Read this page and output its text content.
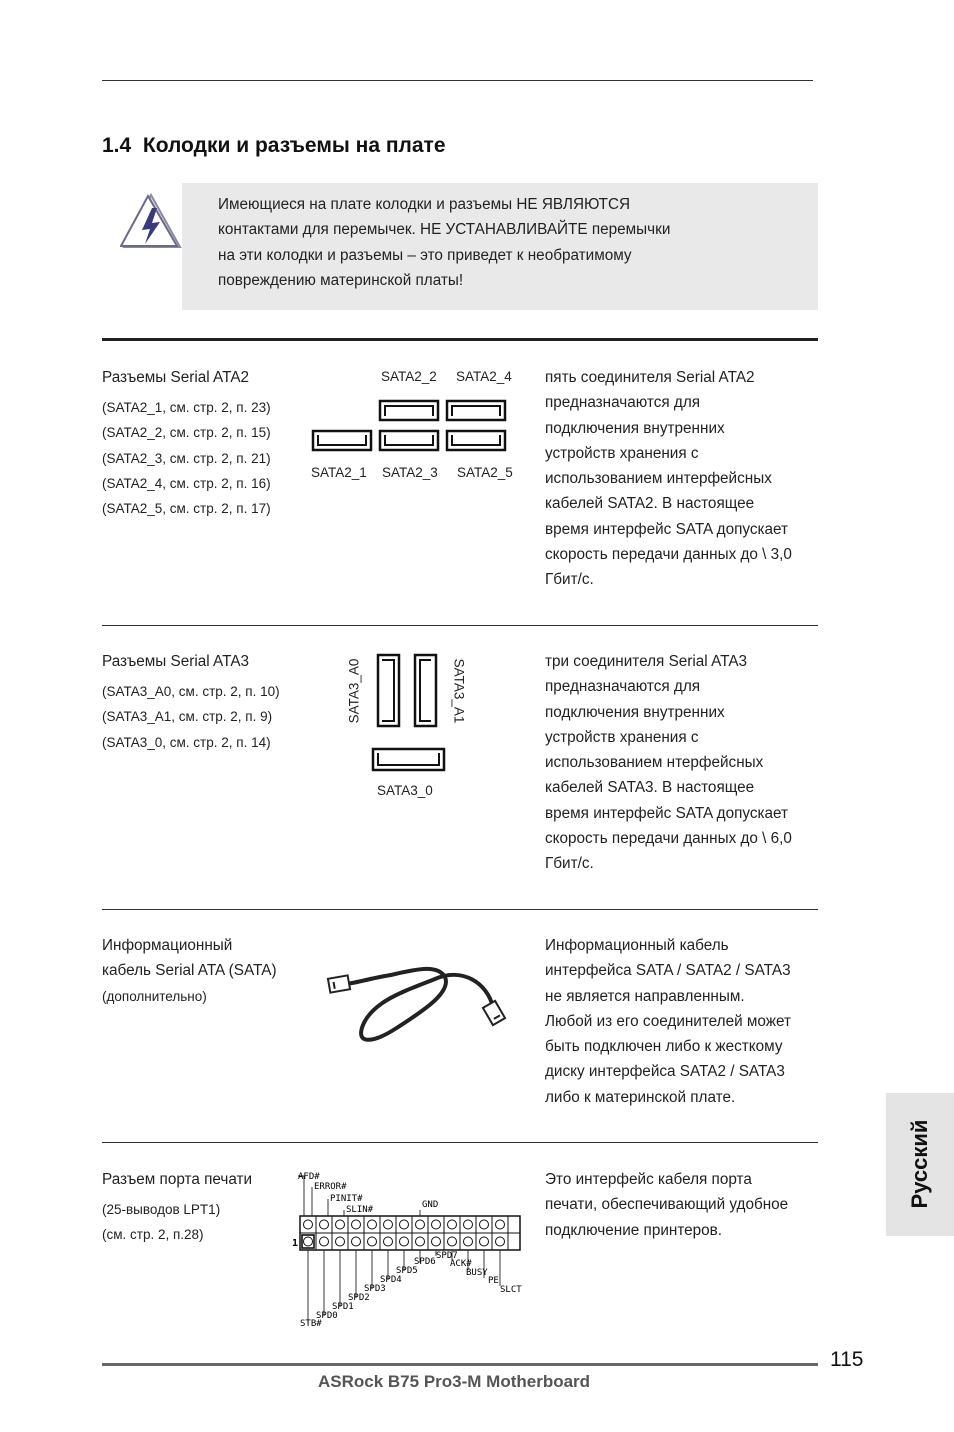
1.4 Колодки и разъемы на плате
Имеющиеся на плате колодки и разъемы НЕ ЯВЛЯЮТСЯ
контактами для перемычек. НЕ УСТАНАВЛИВАЙТЕ перемычки
на эти колодки и разъемы – это приведет к необратимому
повреждению материнской платы!
Разъемы Serial ATA2
(SATA2_1, см. стр. 2, п. 23)
(SATA2_2, см. стр. 2, п. 15)
(SATA2_3, см. стр. 2, п. 21)
(SATA2_4, см. стр. 2, п. 16)
(SATA2_5, см. стр. 2, п. 17)
SATA2_2 SATA2_4
SATA2_1 SATA2_3 SATA2_5
пять соединителя Serial ATA2
предназначаются для
подключения внутренних
устройств хранения с
использованием интерфейсных
кабелей SATA2. В настоящее
время интерфейс SATA допускает
скорость передачи данных до \ 3,0
Гбит/с.
Разъемы Serial ATA3
(SATA3_A0, см. стр. 2, п. 10)
(SATA3_A1, см. стр. 2, п. 9)
(SATA3_0, см. стр. 2, п. 14)
SATA3_A0	SATA3_A1
SATA3_0
три соединителя Serial ATA3
предназначаются для
подключения внутренних
устройств хранения с
использованием нтерфейсных
кабелей SATA3. В настоящее
время интерфейс SATA допускает
скорость передачи данных до \ 6,0
Гбит/с.
Информационный
кабель Serial ATA (SATA)
(дополнительно)
Информационный кабель
интерфейса SATA / SATA2 / SATA3
не является направленным.
Любой из его соединителей может
быть подключен либо к жесткому
диску интерфейса SATA2 / SATA3
либо к материнской плате.
Разъем порта печати
(25-выводов LPT1)
(см. стр. 2, п.28)
AFD#
ERROR#
PINIT#
SLIN#	GND
1
SPD7
SPD6 ACK#
SPD5	BUSY
SPD4	PE
SPD3	SLCT
SPD2
SPD1
SPD0
STB#
Это интерфейс кабеля порта
печати, обеспечивающий удобное
подключение принтеров.
Русский
115
ASRock B75 Pro3-M Motherboard
